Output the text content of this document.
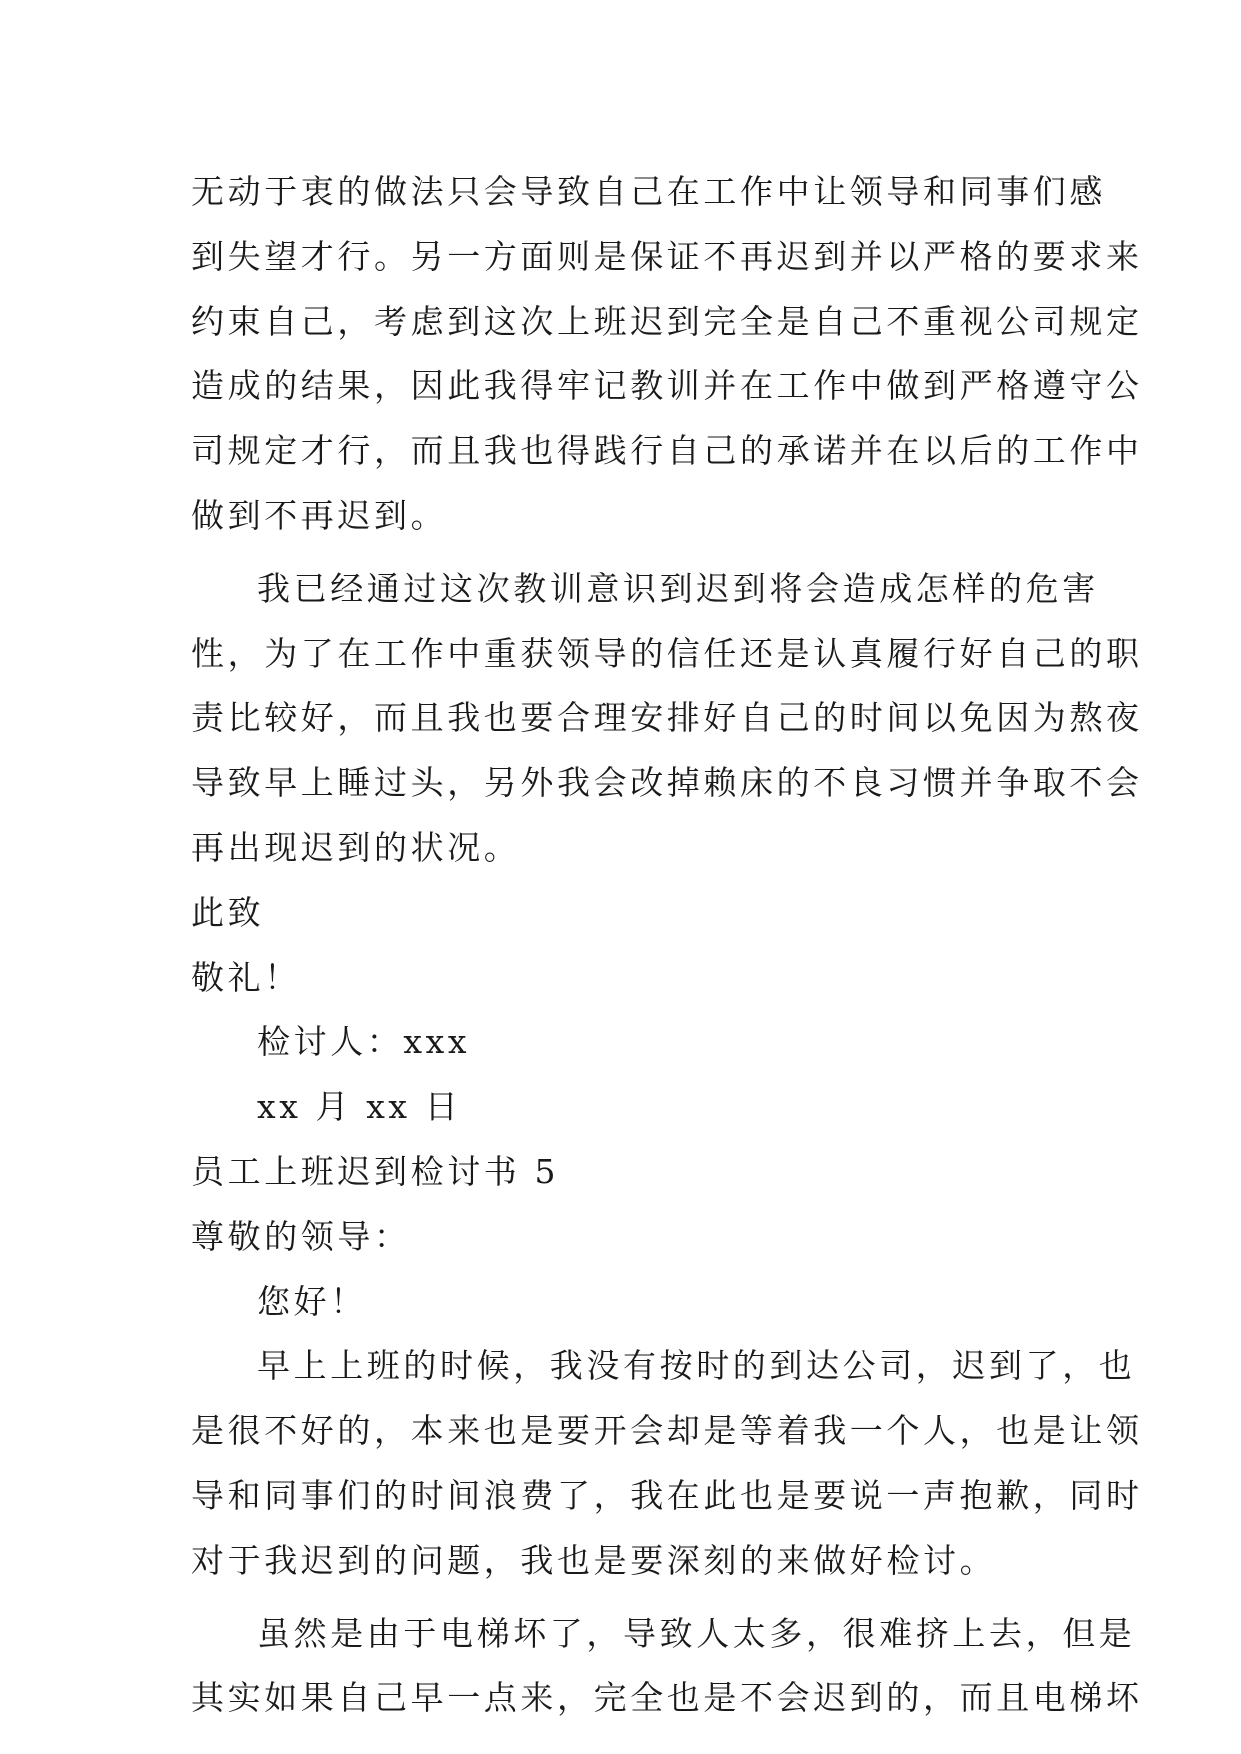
无动于衷的做法只会导致自己在工作中让领导和同事们感
到失望才行。另一方面则是保证不再迟到并以严格的要求来
约束自己，考虑到这次上班迟到完全是自己不重视公司规定
造成的结果，因此我得牢记教训并在工作中做到严格遵守公
司规定才行，而且我也得践行自己的承诺并在以后的工作中
做到不再迟到。
我已经通过这次教训意识到迟到将会造成怎样的危害
性，为了在工作中重获领导的信任还是认真履行好自己的职
责比较好，而且我也要合理安排好自己的时间以免因为熬夜
导致早上睡过头，另外我会改掉赖床的不良习惯并争取不会
再出现迟到的状况。
此致
敬礼！
检讨人：xxx
xx 月 xx 日
员工上班迟到检讨书 5
尊敬的领导：
您好！
早上上班的时候，我没有按时的到达公司，迟到了，也
是很不好的，本来也是要开会却是等着我一个人，也是让领
导和同事们的时间浪费了，我在此也是要说一声抱歉，同时
对于我迟到的问题，我也是要深刻的来做好检讨。
虽然是由于电梯坏了，导致人太多，很难挤上去，但是
其实如果自己早一点来，完全也是不会迟到的，而且电梯坏
